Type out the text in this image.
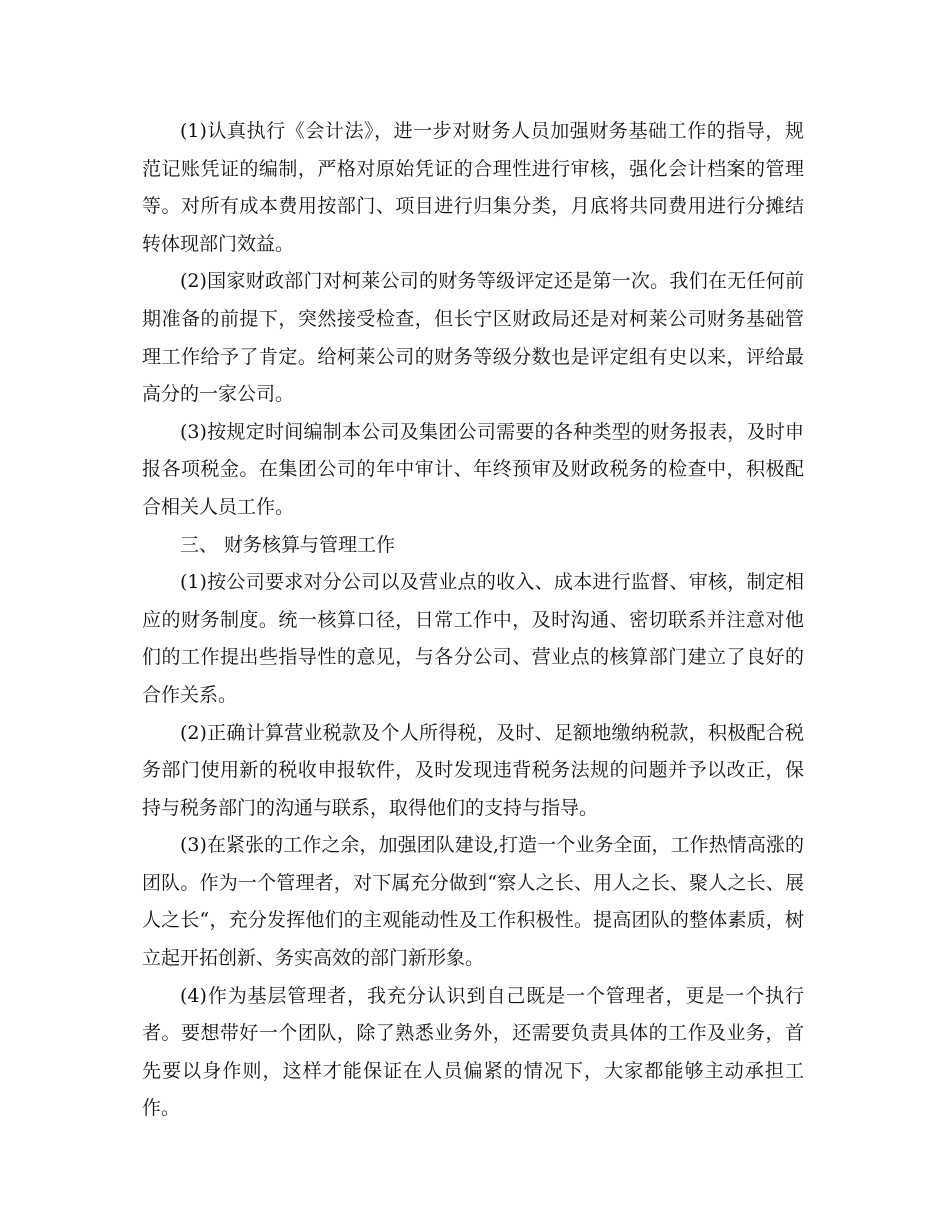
(1)认真执行《会计法》，进一步对财务人员加强财务基础工作的指导，规范记账凭证的编制，严格对原始凭证的合理性进行审核，强化会计档案的管理等。对所有成本费用按部门、项目进行归集分类，月底将共同费用进行分摊结转体现部门效益。

(2)国家财政部门对柯莱公司的财务等级评定还是第一次。我们在无任何前期准备的前提下，突然接受检查，但长宁区财政局还是对柯莱公司财务基础管理工作给予了肯定。给柯莱公司的财务等级分数也是评定组有史以来，评给最高分的一家公司。

(3)按规定时间编制本公司及集团公司需要的各种类型的财务报表，及时申报各项税金。在集团公司的年中审计、年终预审及财政税务的检查中，积极配合相关人员工作。

三、 财务核算与管理工作

(1)按公司要求对分公司以及营业点的收入、成本进行监督、审核，制定相应的财务制度。统一核算口径，日常工作中，及时沟通、密切联系并注意对他们的工作提出些指导性的意见，与各分公司、营业点的核算部门建立了良好的合作关系。

(2)正确计算营业税款及个人所得税，及时、足额地缴纳税款，积极配合税务部门使用新的税收申报软件，及时发现违背税务法规的问题并予以改正，保持与税务部门的沟通与联系，取得他们的支持与指导。

(3)在紧张的工作之余，加强团队建设,打造一个业务全面，工作热情高涨的团队。作为一个管理者，对下属充分做到“察人之长、用人之长、聚人之长、展人之长“，充分发挥他们的主观能动性及工作积极性。提高团队的整体素质，树立起开拓创新、务实高效的部门新形象。

(4)作为基层管理者，我充分认识到自己既是一个管理者，更是一个执行者。要想带好一个团队，除了熟悉业务外，还需要负责具体的工作及业务，首先要以身作则，这样才能保证在人员偏紧的情况下，大家都能够主动承担工作。
